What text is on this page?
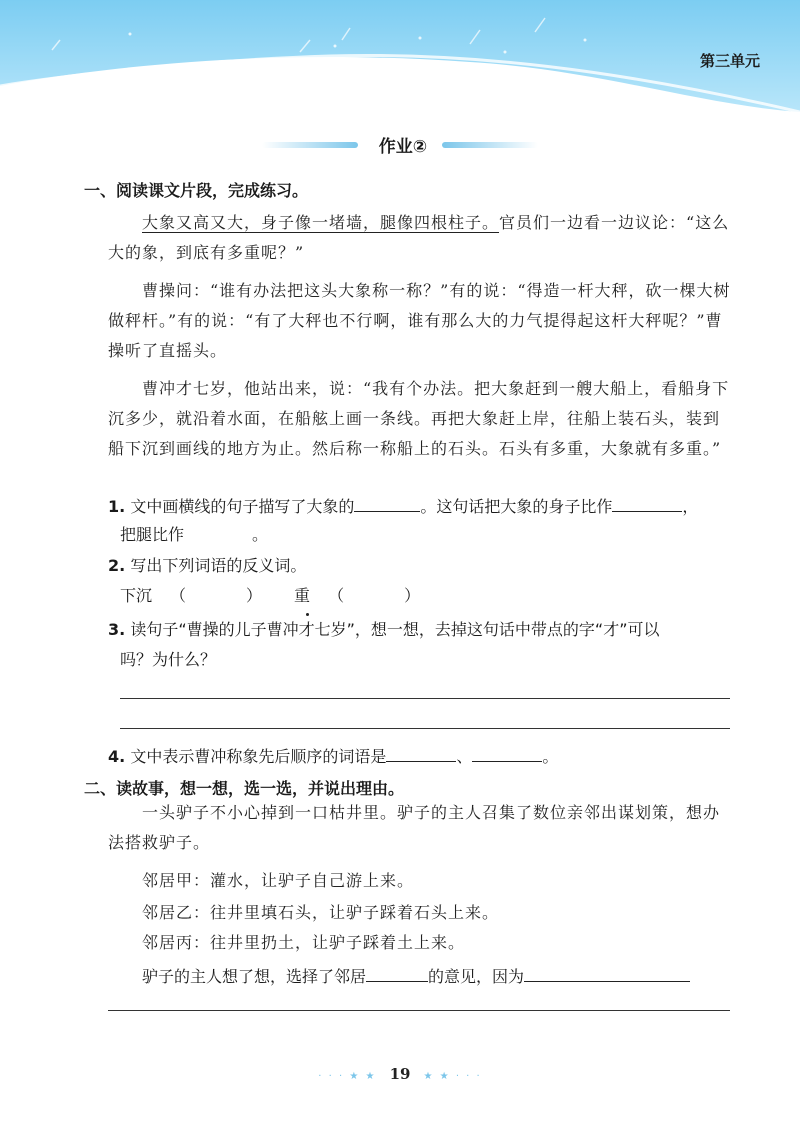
第三单元
作业②
一、阅读课文片段，完成练习。

大象又高又大，身子像一堵墙，腿像四根柱子。官员们一边看一边议论：“这么大的象，到底有多重呢？”

曹操问：“谁有办法把这头大象称一称？”有的说：“得造一杆大秤，砍一棵大树做秤杆。”有的说：“有了大秤也不行啊，谁有那么大的力气提得起这杆大秤呢？”曹操听了直摇头。

曹冲才七岁，他站出来，说：“我有个办法。把大象赶到一艘大船上，看船身下沉多少，就沿着水面，在船舷上画一条线。再把大象赶上岸，往船上装石头，装到船下沉到画线的地方为止。然后称一称船上的石头。石头有多重，大象就有多重。”

1. 文中画横线的句子描写了大象的	。这句话把大象的身子比作	，
把腿比作	。
2. 写出下列词语的反义词。
下沉 （	） 重 （	）
3. 读句子“曹操的儿子曹冲才七岁”，想一想，去掉这句话中带点的字“才”可以
吗？为什么？
4. 文中表示曹冲称象先后顺序的词语是	、	。
二、读故事，想一想，选一选，并说出理由。

一头驴子不小心掉到一口枯井里。驴子的主人召集了数位亲邻出谋划策，想办法搭救驴子。

邻居甲：灌水，让驴子自己游上来。
邻居乙：往井里填石头，让驴子踩着石头上来。
邻居丙：往井里扔土，让驴子踩着土上来。
驴子的主人想了想，选择了邻居	的意见，因为
· · · ★ ★ 19 ★ ★ · · ·
